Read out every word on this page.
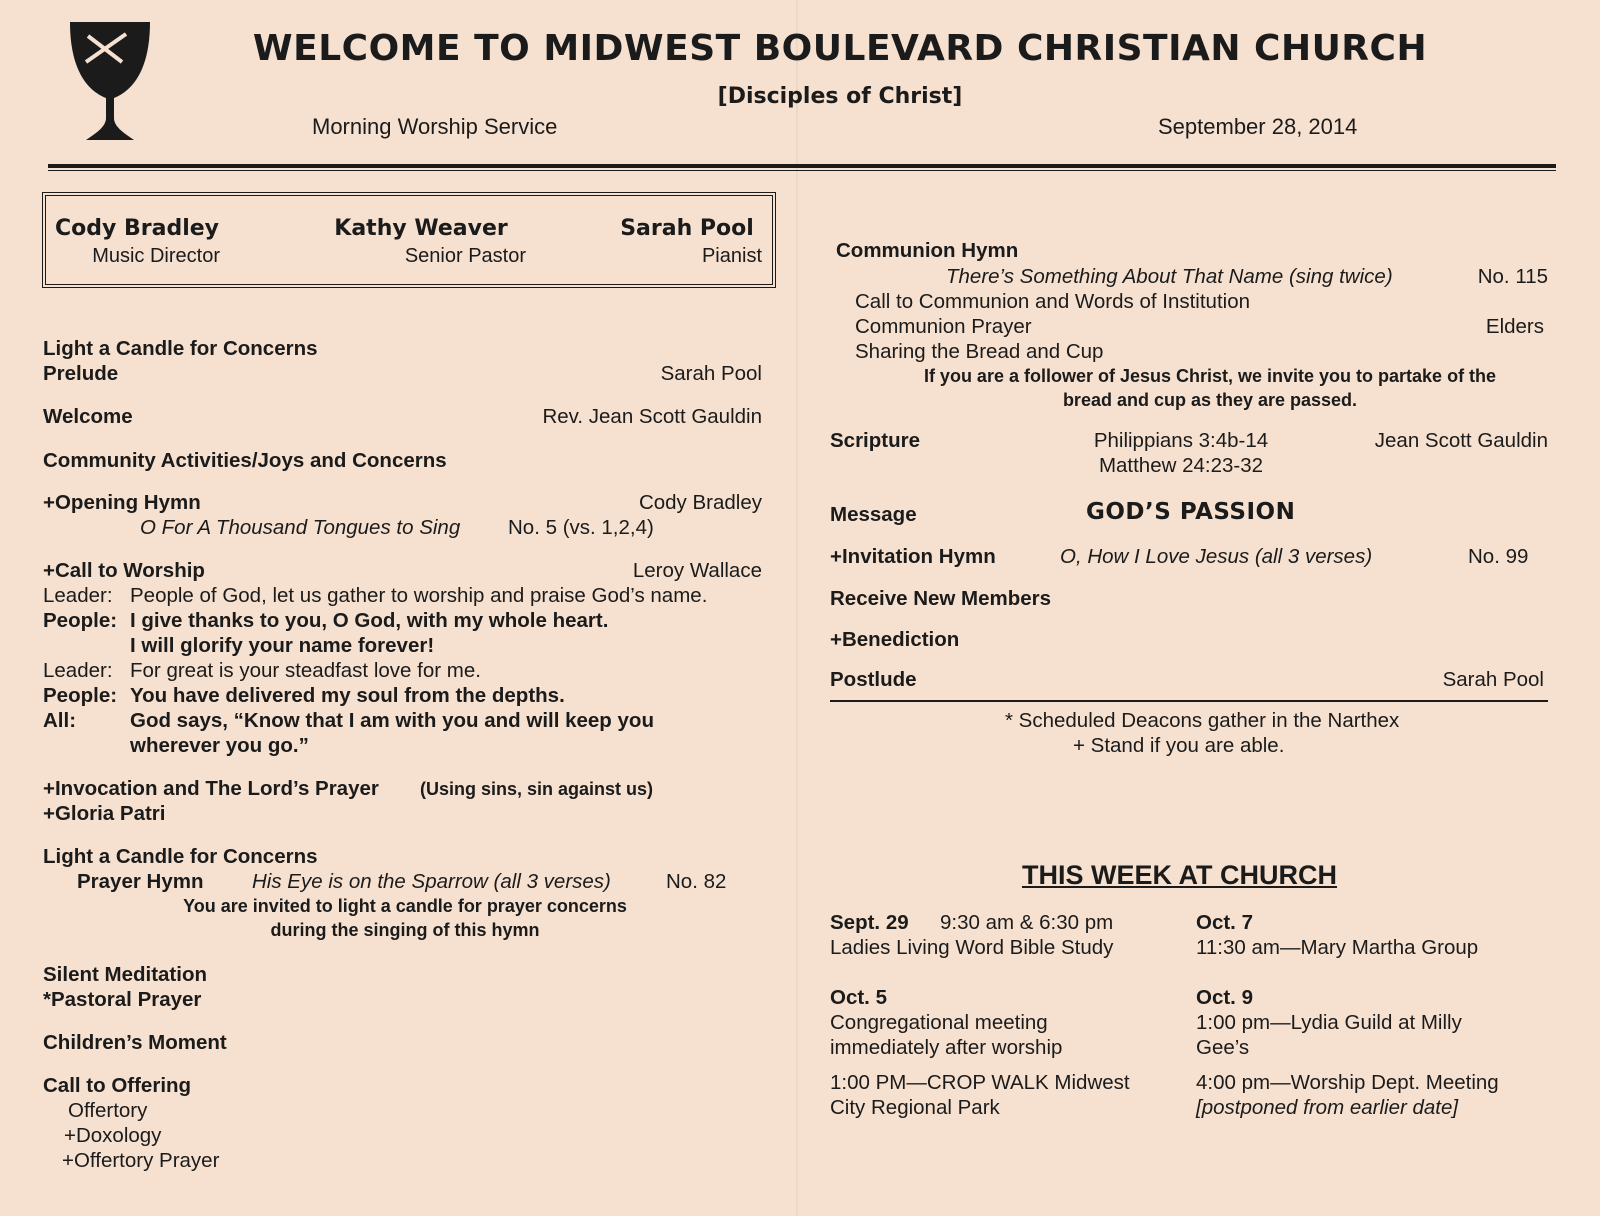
WELCOME TO MIDWEST BOULEVARD CHRISTIAN CHURCH
[Disciples of Christ]
Morning Worship Service	September 28, 2014
Cody Bradley
Music Director
Kathy Weaver
Senior Pastor
Sarah Pool
Pianist
Light a Candle for Concerns
Prelude	Sarah Pool
Welcome	Rev. Jean Scott Gauldin
Community Activities/Joys and Concerns
+Opening Hymn	Cody Bradley
O For A Thousand Tongues to Sing No. 5 (vs. 1,2,4)
+Call to Worship	Leroy Wallace
Leader: People of God, let us gather to worship and praise God’s name.
People: I give thanks to you, O God, with my whole heart.
I will glorify your name forever!
Leader: For great is your steadfast love for me.
People: You have delivered my soul from the depths.
All:	God says, “Know that I am with you and will keep you
wherever you go.”
+Invocation and The Lord’s Prayer (Using sins, sin against us)
+Gloria Patri
Light a Candle for Concerns
Prayer Hymn His Eye is on the Sparrow (all 3 verses)	No. 82
You are invited to light a candle for prayer concerns
during the singing of this hymn
Silent Meditation
*Pastoral Prayer
Children’s Moment
Call to Offering
Offertory
+Doxology
+Offertory Prayer
Communion Hymn
There’s Something About That Name (sing twice)	No. 115
Call to Communion and Words of Institution
Communion Prayer	Elders
Sharing the Bread and Cup
If you are a follower of Jesus Christ, we invite you to partake of the
bread and cup as they are passed.
Scripture	Philippians 3:4b-14
Matthew 24:23-32
Jean Scott Gauldin
Message	GOD’S PASSION
+Invitation Hymn	O, How I Love Jesus (all 3 verses)	No. 99
Receive New Members
+Benediction
Postlude	Sarah Pool
* Scheduled Deacons gather in the Narthex
+ Stand if you are able.
THIS WEEK AT CHURCH
Sept. 29 9:30 am & 6:30 pm
Ladies Living Word Bible Study
Oct. 7
11:30 am—Mary Martha Group
Oct. 5
Congregational meeting
immediately after worship
Oct. 9
1:00 pm—Lydia Guild at Milly
Gee’s
1:00 PM—CROP WALK Midwest
City Regional Park
4:00 pm—Worship Dept. Meeting
[postponed from earlier date]
